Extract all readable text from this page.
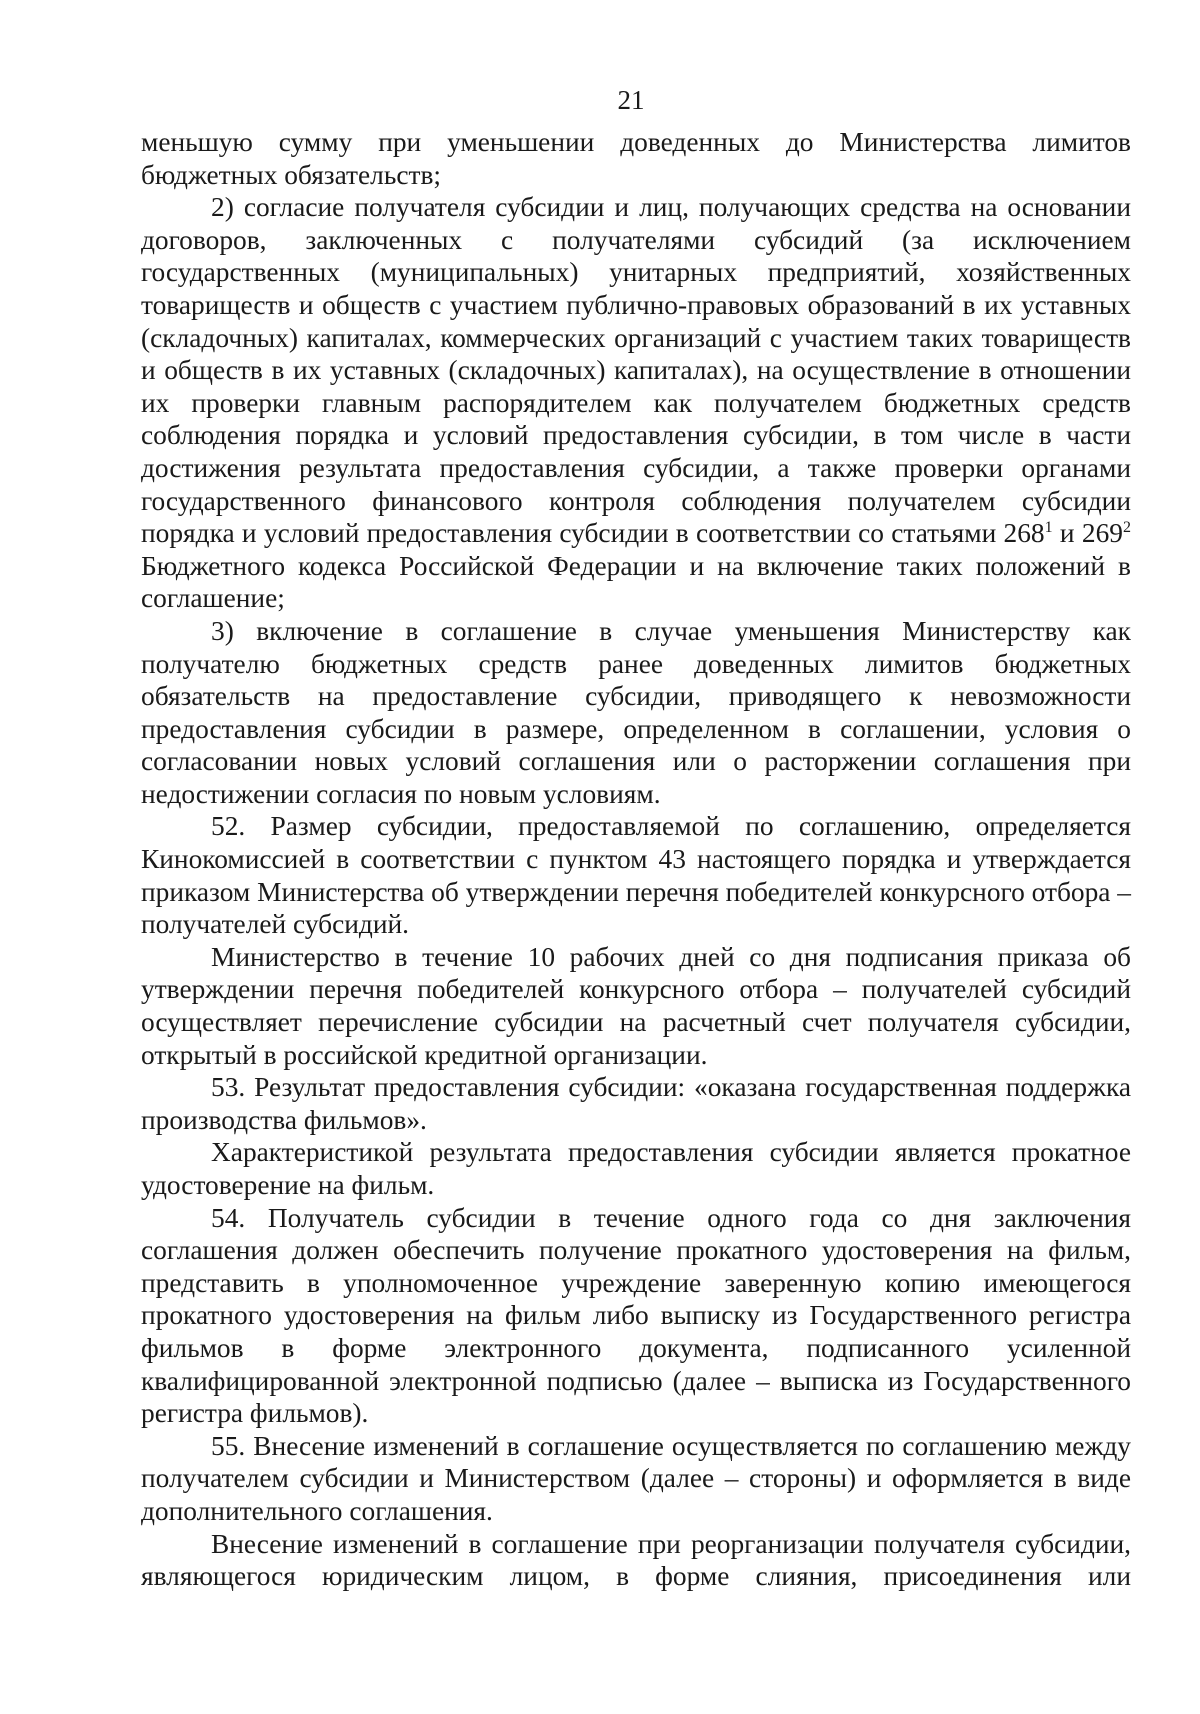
21

меньшую сумму при уменьшении доведенных до Министерства лимитов бюджетных обязательств;

2) согласие получателя субсидии и лиц, получающих средства на основании договоров, заключенных с получателями субсидий (за исключением государственных (муниципальных) унитарных предприятий, хозяйственных товариществ и обществ с участием публично-правовых образований в их уставных (складочных) капиталах, коммерческих организаций с участием таких товариществ и обществ в их уставных (складочных) капиталах), на осуществление в отношении их проверки главным распорядителем как получателем бюджетных средств соблюдения порядка и условий предоставления субсидии, в том числе в части достижения результата предоставления субсидии, а также проверки органами государственного финансового контроля соблюдения получателем субсидии порядка и условий предоставления субсидии в соответствии со статьями $268^1$ и $269^2$ Бюджетного кодекса Российской Федерации и на включение таких положений в соглашение;

3) включение в соглашение в случае уменьшения Министерству как получателю бюджетных средств ранее доведенных лимитов бюджетных обязательств на предоставление субсидии, приводящего к невозможности предоставления субсидии в размере, определенном в соглашении, условия о согласовании новых условий соглашения или о расторжении соглашения при недостижении согласия по новым условиям.

52. Размер субсидии, предоставляемой по соглашению, определяется Кинокомиссией в соответствии с пунктом 43 настоящего порядка и утверждается приказом Министерства об утверждении перечня победителей конкурсного отбора – получателей субсидий.

Министерство в течение 10 рабочих дней со дня подписания приказа об утверждении перечня победителей конкурсного отбора – получателей субсидий осуществляет перечисление субсидии на расчетный счет получателя субсидии, открытый в российской кредитной организации.

53. Результат предоставления субсидии: «оказана государственная поддержка производства фильмов».

Характеристикой результата предоставления субсидии является прокатное удостоверение на фильм.

54. Получатель субсидии в течение одного года со дня заключения соглашения должен обеспечить получение прокатного удостоверения на фильм, представить в уполномоченное учреждение заверенную копию имеющегося прокатного удостоверения на фильм либо выписку из Государственного регистра фильмов в форме электронного документа, подписанного усиленной квалифицированной электронной подписью (далее – выписка из Государственного регистра фильмов).

55. Внесение изменений в соглашение осуществляется по соглашению между получателем субсидии и Министерством (далее – стороны) и оформляется в виде дополнительного соглашения.

Внесение изменений в соглашение при реорганизации получателя субсидии, являющегося юридическим лицом, в форме слияния, присоединения или
